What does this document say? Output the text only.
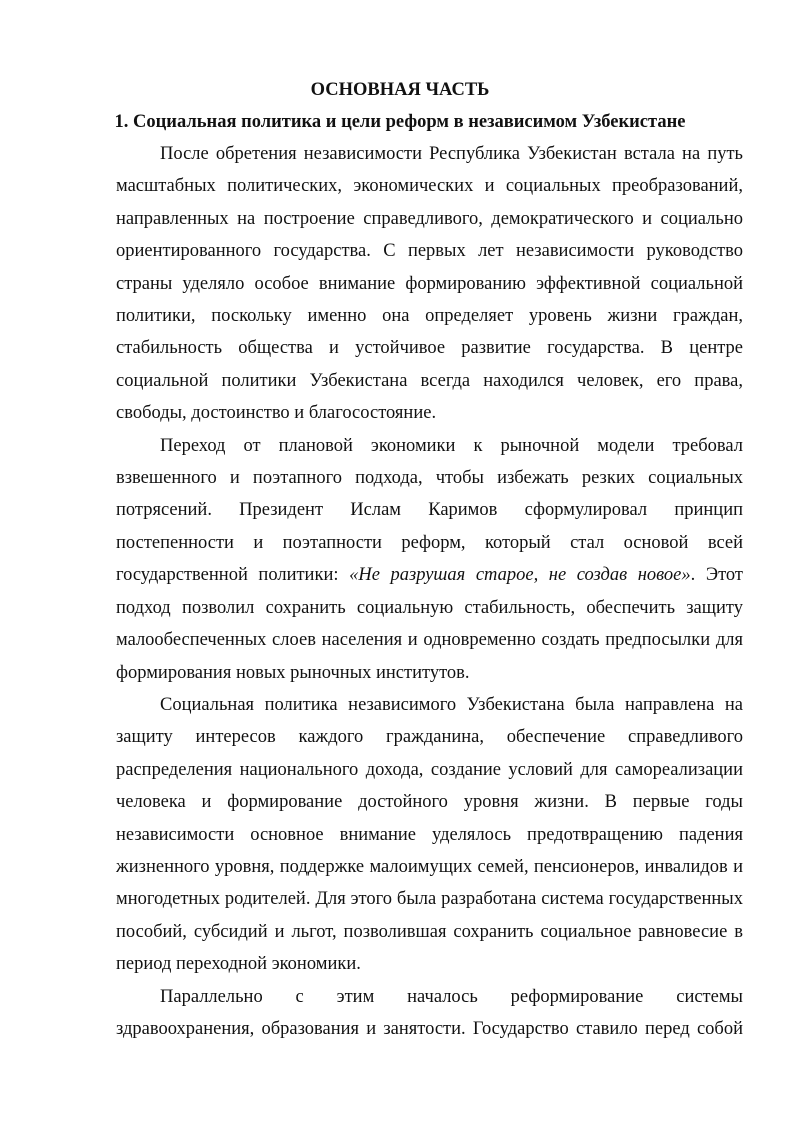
ОСНОВНАЯ ЧАСТЬ
1. Социальная политика и цели реформ в независимом Узбекистане

После обретения независимости Республика Узбекистан встала на путь масштабных политических, экономических и социальных преобразований, направленных на построение справедливого, демократического и социально ориентированного государства. С первых лет независимости руководство страны уделяло особое внимание формированию эффективной социальной политики, поскольку именно она определяет уровень жизни граждан, стабильность общества и устойчивое развитие государства. В центре социальной политики Узбекистана всегда находился человек, его права, свободы, достоинство и благосостояние.

Переход от плановой экономики к рыночной модели требовал взвешенного и поэтапного подхода, чтобы избежать резких социальных потрясений. Президент Ислам Каримов сформулировал принцип постепенности и поэтапности реформ, который стал основой всей государственной политики: «Не разрушая старое, не создав новое». Этот подход позволил сохранить социальную стабильность, обеспечить защиту малообеспеченных слоев населения и одновременно создать предпосылки для формирования новых рыночных институтов.

Социальная политика независимого Узбекистана была направлена на защиту интересов каждого гражданина, обеспечение справедливого распределения национального дохода, создание условий для самореализации человека и формирование достойного уровня жизни. В первые годы независимости основное внимание уделялось предотвращению падения жизненного уровня, поддержке малоимущих семей, пенсионеров, инвалидов и многодетных родителей. Для этого была разработана система государственных пособий, субсидий и льгот, позволившая сохранить социальное равновесие в период переходной экономики.

Параллельно с этим началось реформирование системы здравоохранения, образования и занятости. Государство ставило перед собой
